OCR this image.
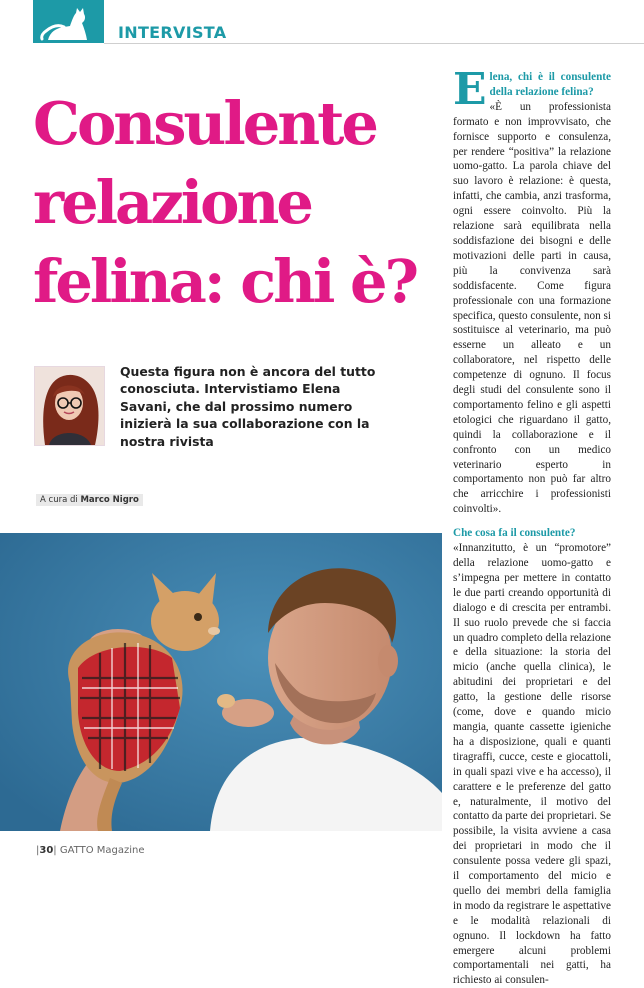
INTERVISTA
Consulente
relazione
felina: chi è?

Questa figura non è ancora del tutto conosciuta. Intervistiamo Elena Savani, che dal prossimo numero inizierà la sua collaborazione con la nostra rivista

A cura di Marco Nigro
|30| GATTO Magazine
E lena, chi è il consulente della relazione felina?
«È un professionista formato e non improvvisato, che fornisce supporto e consulenza, per rendere “positiva” la relazione uomo-gatto. La parola chiave del suo lavoro è relazione: è questa, infatti, che cambia, anzi trasforma, ogni essere coinvolto. Più la relazione sarà equilibrata nella soddisfazione dei bisogni e delle motivazioni delle parti in causa, più la convivenza sarà soddisfacente. Come figura professionale con una formazione specifica, questo consulente, non si sostituisce al veterinario, ma può esserne un alleato e un collaboratore, nel rispetto delle competenze di ognuno. Il focus degli studi del consulente sono il comportamento felino e gli aspetti etologici che riguardano il gatto, quindi la collaborazione e il confronto con un medico veterinario esperto in comportamento non può far altro che arricchire i professionisti coinvolti».
Che cosa fa il consulente?
«Innanzitutto, è un “promotore” della relazione uomo-gatto e s’impegna per mettere in contatto le due parti creando opportunità di dialogo e di crescita per entrambi. Il suo ruolo prevede che si faccia un quadro completo della relazione e della situazione: la storia del micio (anche quella clinica), le abitudini dei proprietari e del gatto, la gestione delle risorse (come, dove e quando micio mangia, quante cassette igieniche ha a disposizione, quali e quanti tiragraffi, cucce, ceste e giocattoli, in quali spazi vive e ha accesso), il carattere e le preferenze del gatto e, naturalmente, il motivo del contatto da parte dei proprietari. Se possibile, la visita avviene a casa dei proprietari in modo che il consulente possa vedere gli spazi, il comportamento del micio e quello dei membri della famiglia in modo da registrare le aspettative e le modalità relazionali di ognuno. Il lockdown ha fatto emergere alcuni problemi comportamentali nei gatti, ha richiesto ai consulen-
